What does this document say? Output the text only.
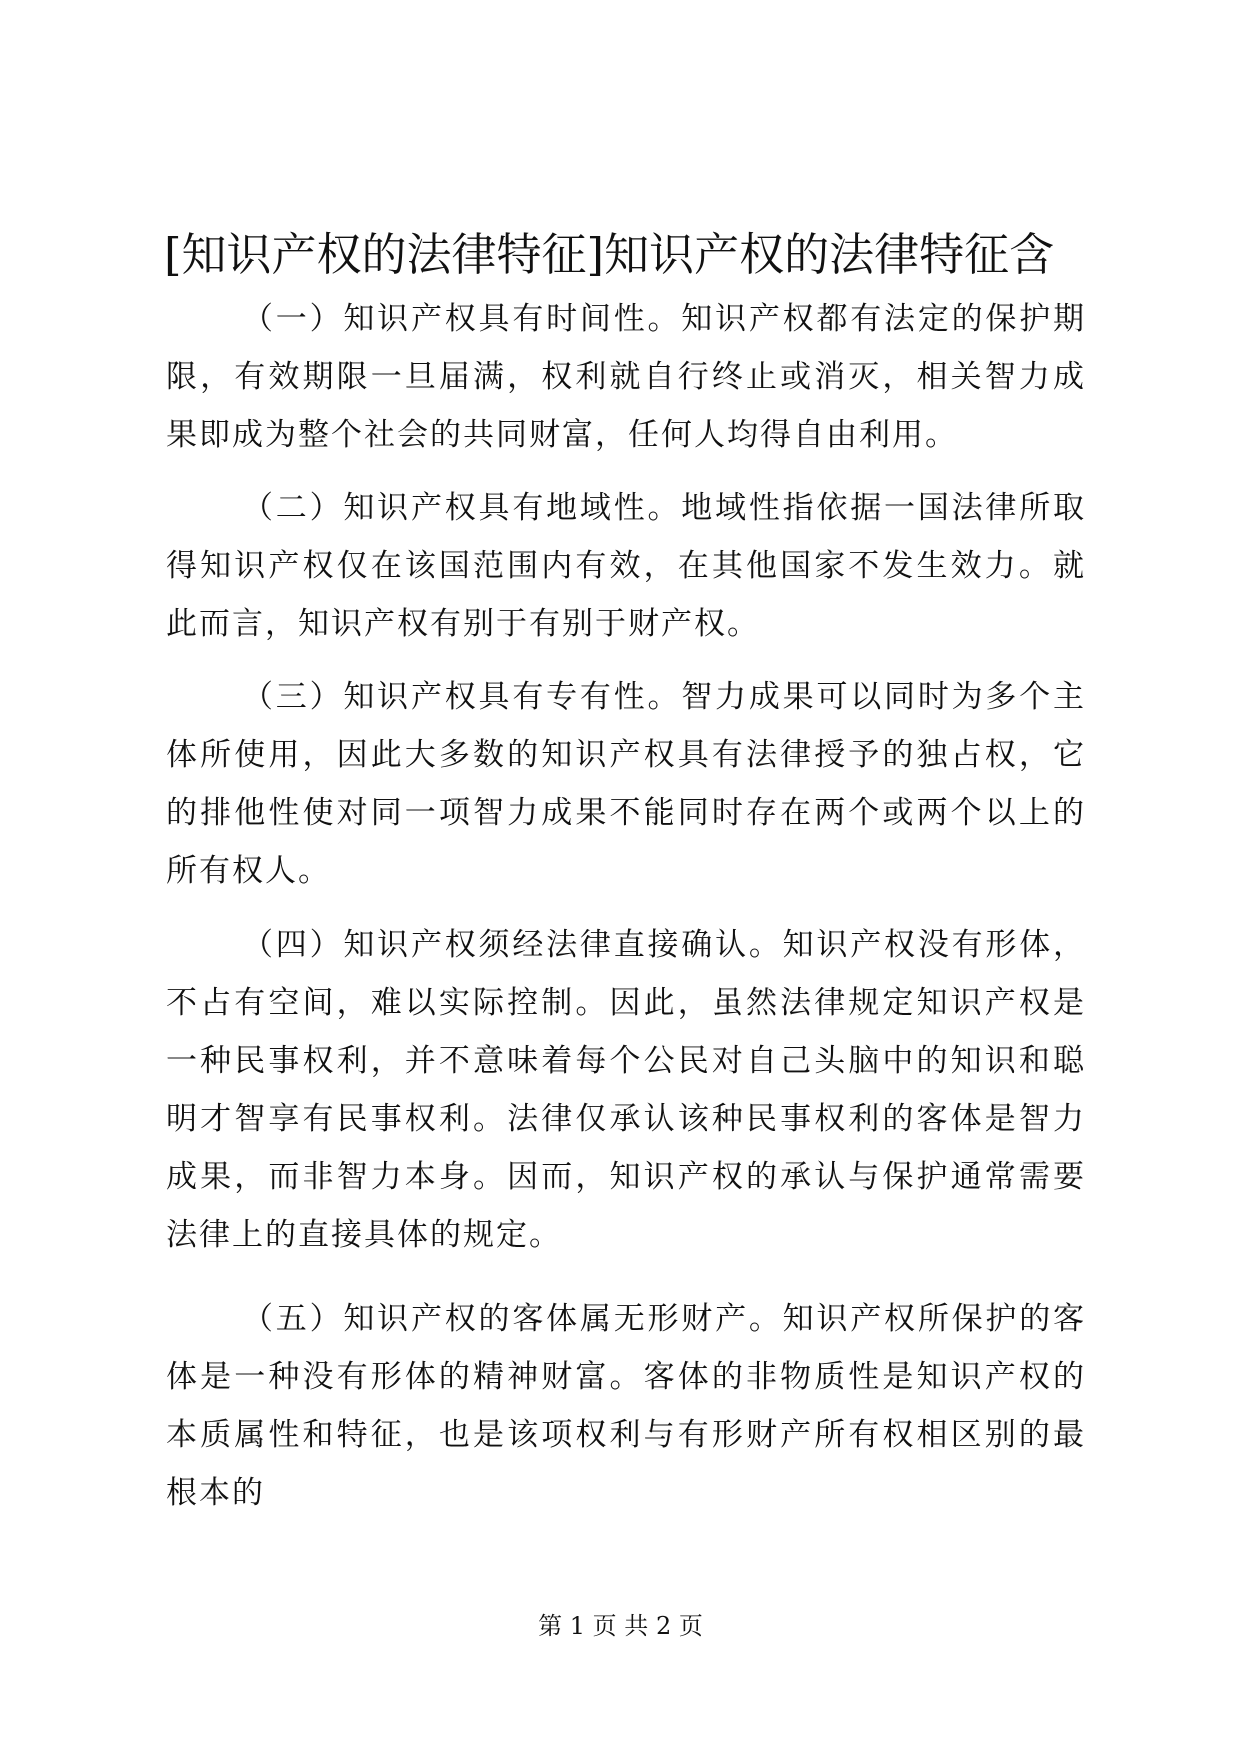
[知识产权的法律特征]知识产权的法律特征含

（一）知识产权具有时间性。知识产权都有法定的保护期限，有效期限一旦届满，权利就自行终止或消灭，相关智力成果即成为整个社会的共同财富，任何人均得自由利用。

（二）知识产权具有地域性。地域性指依据一国法律所取得知识产权仅在该国范围内有效，在其他国家不发生效力。就此而言，知识产权有别于有别于财产权。

（三）知识产权具有专有性。智力成果可以同时为多个主体所使用，因此大多数的知识产权具有法律授予的独占权，它的排他性使对同一项智力成果不能同时存在两个或两个以上的所有权人。

（四）知识产权须经法律直接确认。知识产权没有形体，不占有空间，难以实际控制。因此，虽然法律规定知识产权是一种民事权利，并不意味着每个公民对自己头脑中的知识和聪明才智享有民事权利。法律仅承认该种民事权利的客体是智力成果，而非智力本身。因而，知识产权的承认与保护通常需要法律上的直接具体的规定。

（五）知识产权的客体属无形财产。知识产权所保护的客体是一种没有形体的精神财富。客体的非物质性是知识产权的本质属性和特征，也是该项权利与有形财产所有权相区别的最根本的

第 1 页 共 2 页
